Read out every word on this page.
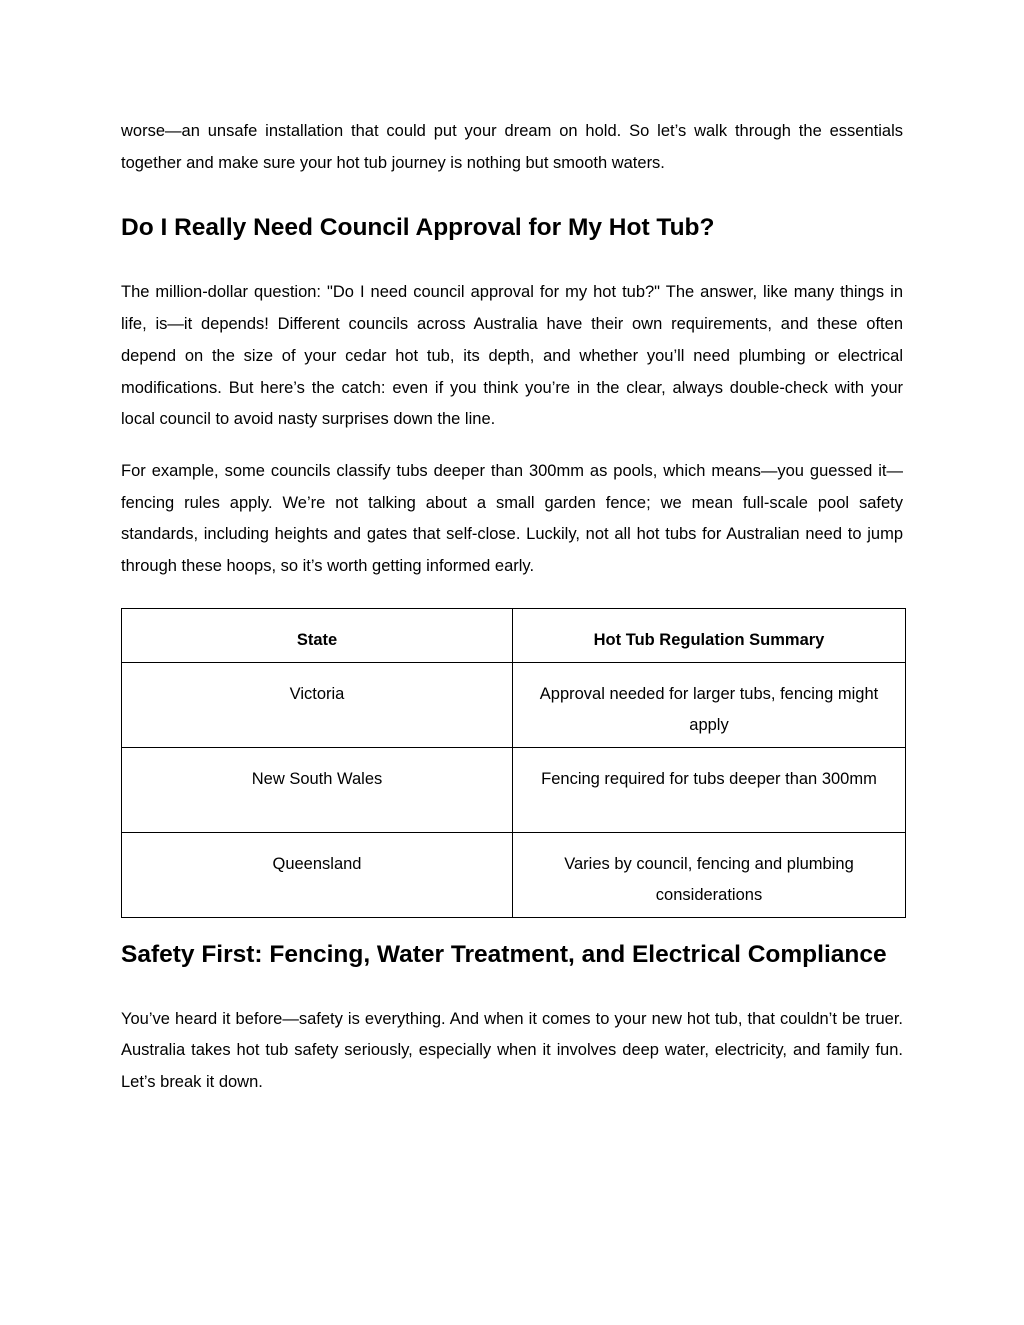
worse—an unsafe installation that could put your dream on hold. So let’s walk through the essentials together and make sure your hot tub journey is nothing but smooth waters.

Do I Really Need Council Approval for My Hot Tub?

The million-dollar question: "Do I need council approval for my hot tub?" The answer, like many things in life, is—it depends! Different councils across Australia have their own requirements, and these often depend on the size of your cedar hot tub, its depth, and whether you’ll need plumbing or electrical modifications. But here’s the catch: even if you think you’re in the clear, always double-check with your local council to avoid nasty surprises down the line.

For example, some councils classify tubs deeper than 300mm as pools, which means—you guessed it—fencing rules apply. We’re not talking about a small garden fence; we mean full-scale pool safety standards, including heights and gates that self-close. Luckily, not all hot tubs for Australian need to jump through these hoops, so it’s worth getting informed early.

State	Hot Tub Regulation Summary
Victoria	Approval needed for larger tubs, fencing might apply
New South Wales	Fencing required for tubs deeper than 300mm
Queensland	Varies by council, fencing and plumbing considerations
Safety First: Fencing, Water Treatment, and Electrical Compliance

You’ve heard it before—safety is everything. And when it comes to your new hot tub, that couldn’t be truer. Australia takes hot tub safety seriously, especially when it involves deep water, electricity, and family fun. Let’s break it down.
